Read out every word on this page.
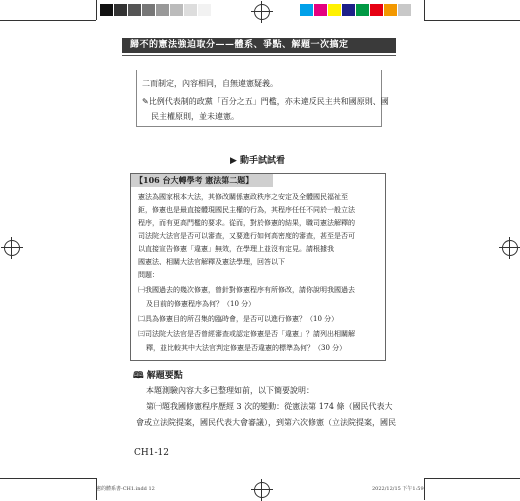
歸不的憲法強迫取分——體系、爭點、解題一次搞定
二而制定，內容相同，自無違憲疑義。
✎比例代表制的政黨「百分之五」門檻，亦未違反民主共和國原則、國
民主權原則，並未違憲。
▶ 動手試試看
【106 台大轉學考 憲法第二題】
憲法為國家根本大法，其修改關係憲政秩序之安定及全體國民福祉至
鉅，修憲也是最直接體現國民主權的行為，其程序任任不同於一般立法
程序，而有更高門檻的要求。從而，對於修憲的結果，職司憲法解釋的
司法院大法官是否可以審查，又要進行如何高密度的審查，甚至是否可
以直接宣告修憲「違憲」無效，在學理上並沒有定見。請根據我
國憲法、相關大法官解釋及憲法學理，回答以下
問題：
㈠我國過去的幾次修憲，曾針對修憲程序有所修改，請你說明我國過去
及目前的修憲程序為何？（10 分）
㈡具為修憲目的所召集的臨時會，是否可以進行修憲？（10 分）
㈢司法院大法官是否曾經審查或認定修憲是否「違憲」？請列出相關解
釋，並比較其中大法官判定修憲是否違憲的標準為何？（30 分）
🕮 解題要點
本題測驗內容大多已整理如前，以下簡要說明：
第㈠題我國修憲程序歷經 3 次的變動：從憲法第 174 條（國民代表大
會或立法院提案，國民代表大會審議），到第六次修憲（立法院提案，國民
CH1-12
憲的體系書-CH1.indd 12	2022/12/15 下午1:59
